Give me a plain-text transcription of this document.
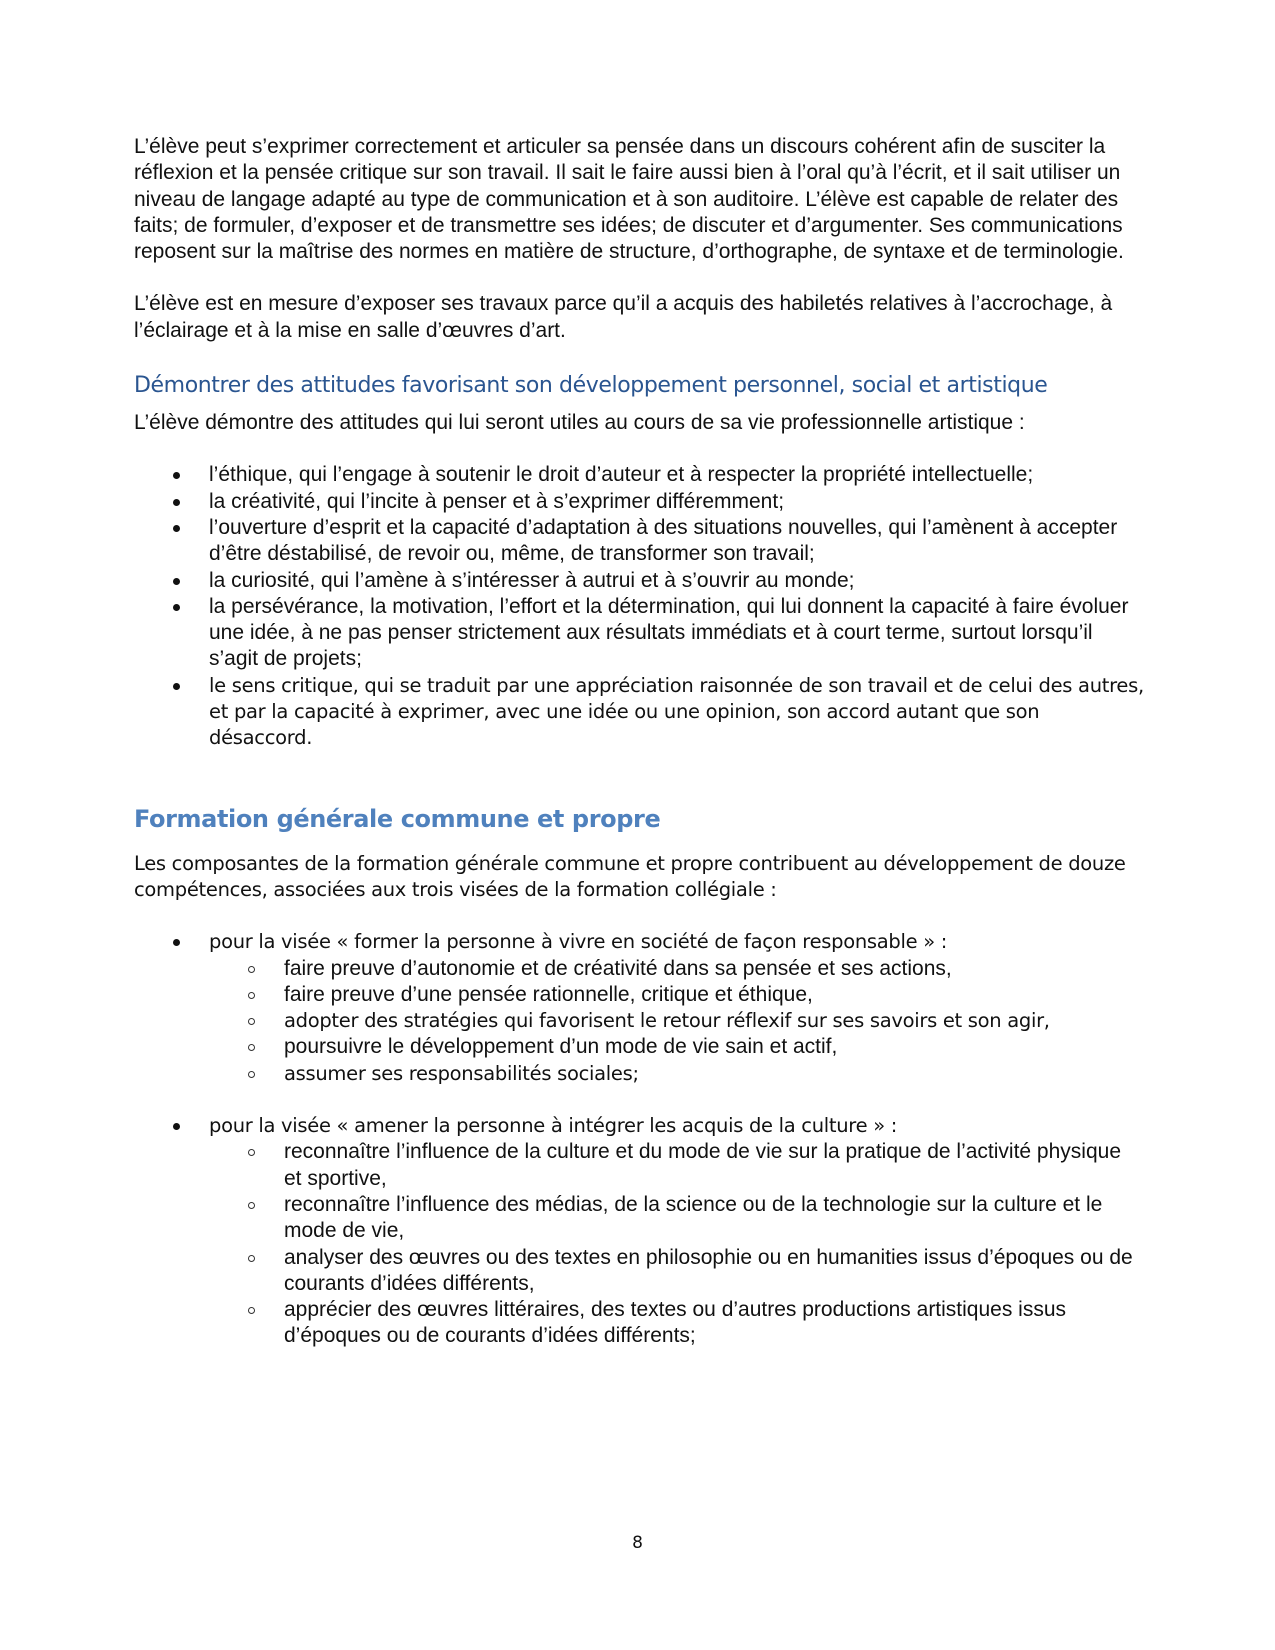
L’élève peut s’exprimer correctement et articuler sa pensée dans un discours cohérent afin de susciter la réflexion et la pensée critique sur son travail. Il sait le faire aussi bien à l’oral qu’à l’écrit, et il sait utiliser un niveau de langage adapté au type de communication et à son auditoire. L’élève est capable de relater des faits; de formuler, d’exposer et de transmettre ses idées; de discuter et d’argumenter. Ses communications reposent sur la maîtrise des normes en matière de structure, d’orthographe, de syntaxe et de terminologie.

L’élève est en mesure d’exposer ses travaux parce qu’il a acquis des habiletés relatives à l’accrochage, à l’éclairage et à la mise en salle d’œuvres d’art.

Démontrer des attitudes favorisant son développement personnel, social et artistique

L’élève démontre des attitudes qui lui seront utiles au cours de sa vie professionnelle artistique :

l’éthique, qui l’engage à soutenir le droit d’auteur et à respecter la propriété intellectuelle;
la créativité, qui l’incite à penser et à s’exprimer différemment;
l’ouverture d’esprit et la capacité d’adaptation à des situations nouvelles, qui l’amènent à accepter d’être déstabilisé, de revoir ou, même, de transformer son travail;
la curiosité, qui l’amène à s’intéresser à autrui et à s’ouvrir au monde;
la persévérance, la motivation, l’effort et la détermination, qui lui donnent la capacité à faire évoluer une idée, à ne pas penser strictement aux résultats immédiats et à court terme, surtout lorsqu’il s’agit de projets;
le sens critique, qui se traduit par une appréciation raisonnée de son travail et de celui des autres, et par la capacité à exprimer, avec une idée ou une opinion, son accord autant que son désaccord.
Formation générale commune et propre

Les composantes de la formation générale commune et propre contribuent au développement de douze compétences, associées aux trois visées de la formation collégiale :

pour la visée « former la personne à vivre en société de façon responsable » :
faire preuve d’autonomie et de créativité dans sa pensée et ses actions,
faire preuve d’une pensée rationnelle, critique et éthique,
adopter des stratégies qui favorisent le retour réflexif sur ses savoirs et son agir,
poursuivre le développement d’un mode de vie sain et actif,
assumer ses responsabilités sociales;
pour la visée « amener la personne à intégrer les acquis de la culture » :
reconnaître l’influence de la culture et du mode de vie sur la pratique de l’activité physique et sportive,
reconnaître l’influence des médias, de la science ou de la technologie sur la culture et le mode de vie,
analyser des œuvres ou des textes en philosophie ou en humanities issus d’époques ou de courants d’idées différents,
apprécier des œuvres littéraires, des textes ou d’autres productions artistiques issus d’époques ou de courants d’idées différents;
8
